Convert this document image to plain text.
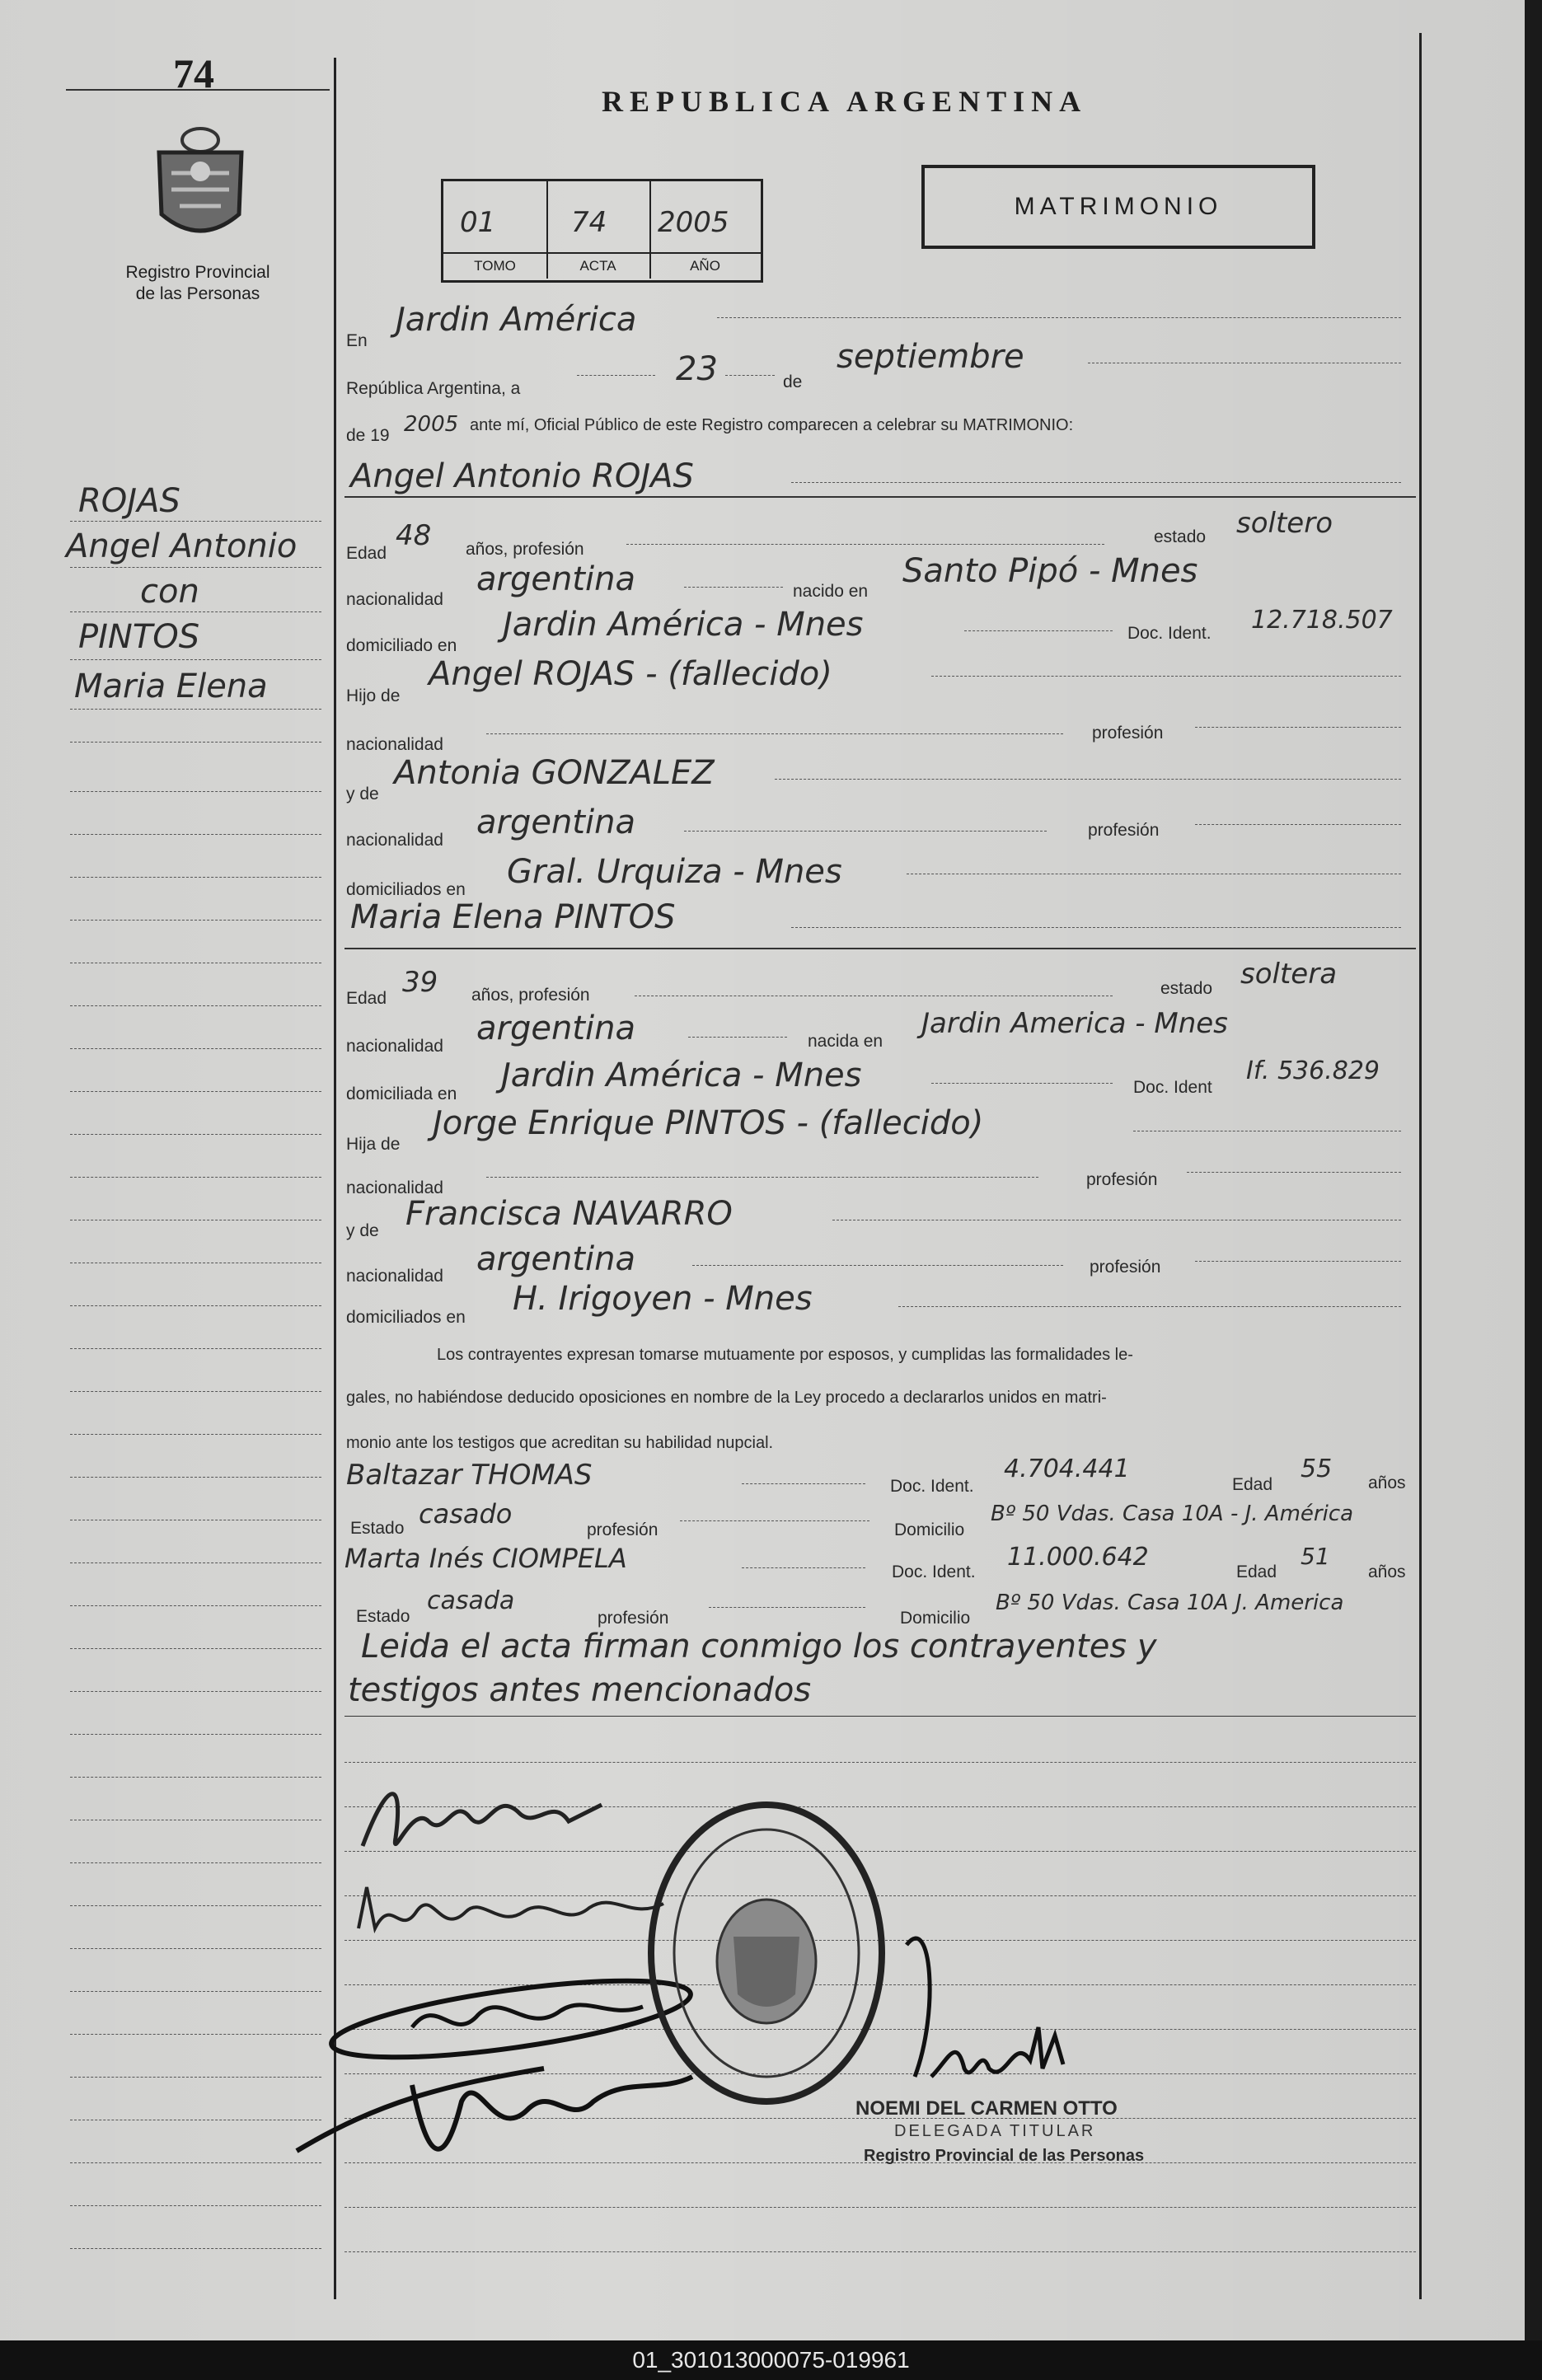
74
Registro Provincial
de las Personas
REPUBLICA ARGENTINA
01	74 2005
TOMO	ACTA	AÑO
MATRIMONIO
ROJAS
Angel Antonio
con
PINTOS
Maria Elena
En
Jardin América
República Argentina, a
23	de
septiembre
de 19 2005 ante mí, Oficial Público de este Registro comparecen a celebrar su MATRIMONIO:
Angel Antonio ROJAS
Edad
48 años, profesión
estado soltero
nacionalidad
argentina	nacido en
Santo Pipó - Mnes
domiciliado en
Jardin América - Mnes	Doc. Ident. 12.718.507
Hijo de
Angel ROJAS - (fallecido)
nacionalidad
profesión
y de
Antonia GONZALEZ
nacionalidad argentina	profesión
domiciliados en Gral. Urquiza - Mnes
Maria Elena PINTOS
Edad 39 años, profesión	estado soltera
nacionalidad argentina	nacida en
Jardin America - Mnes
domiciliada en Jardin América - Mnes	Doc. Ident
If. 536.829
Hija de
Jorge Enrique PINTOS - (fallecido)
nacionalidad	profesión
y de Francisca NAVARRO
nacionalidad argentina	profesión
domiciliados en H. Irigoyen - Mnes
Los contrayentes expresan tomarse mutuamente por esposos, y cumplidas las formalidades le-
gales, no habiéndose deducido oposiciones en nombre de la Ley procedo a declararlos unidos en matri-
monio ante los testigos que acreditan su habilidad nupcial.
Baltazar THOMAS	Doc. Ident.
4.704.441
Edad
55 años
Estado casado
profesión	Domicilio
Bº 50 Vdas. Casa 10A - J. América
Marta Inés CIOMPELA	Doc. Ident.
11.000.642
Edad
51
años
Estado
casada
profesión	Domicilio
Bº 50 Vdas. Casa 10A J. America
Leida el acta firman conmigo los contrayentes y
testigos antes mencionados
NOEMI DEL CARMEN OTTO
DELEGADA TITULAR
Registro Provincial de las Personas
01_301013000075-019961
